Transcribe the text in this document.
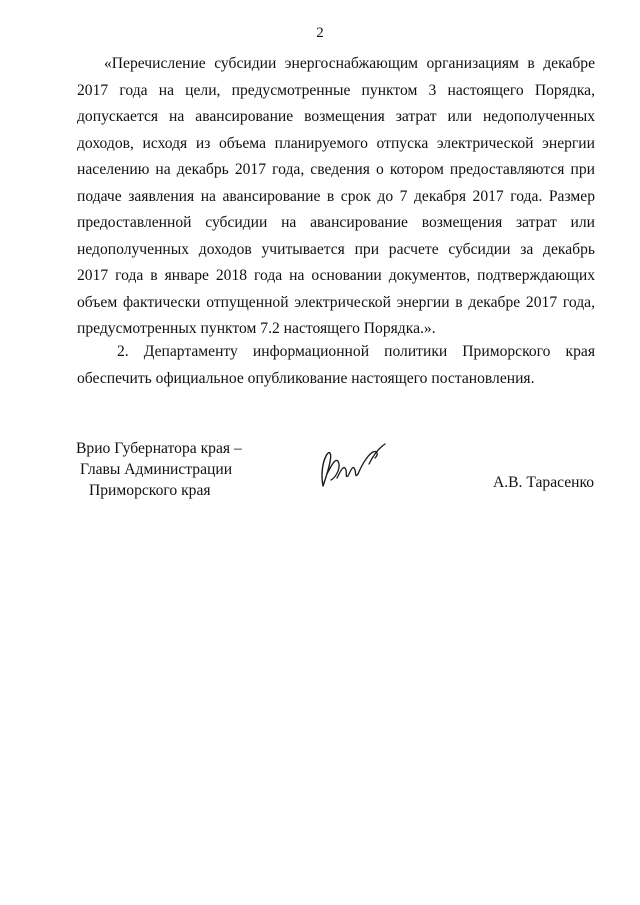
2
«Перечисление субсидии энергоснабжающим организациям в декабре
2017 года на цели, предусмотренные пунктом 3 настоящего Порядка,
допускается на авансирование возмещения затрат или недополученных
доходов, исходя из объема планируемого отпуска электрической энергии
населению на декабрь 2017 года, сведения о котором предоставляются при
подаче заявления на авансирование в срок до 7 декабря 2017 года. Размер
предоставленной субсидии на авансирование возмещения затрат или
недополученных доходов учитывается при расчете субсидии за декабрь
2017 года в январе 2018 года на основании документов, подтверждающих
объем фактически отпущенной электрической энергии в декабре 2017 года,
предусмотренных пунктом 7.2 настоящего Порядка.».
2. Департаменту информационной политики Приморского края
обеспечить официальное опубликование настоящего постановления.
Врио Губернатора края –
Главы Администрации
Приморского края	А.В. Тарасенко
